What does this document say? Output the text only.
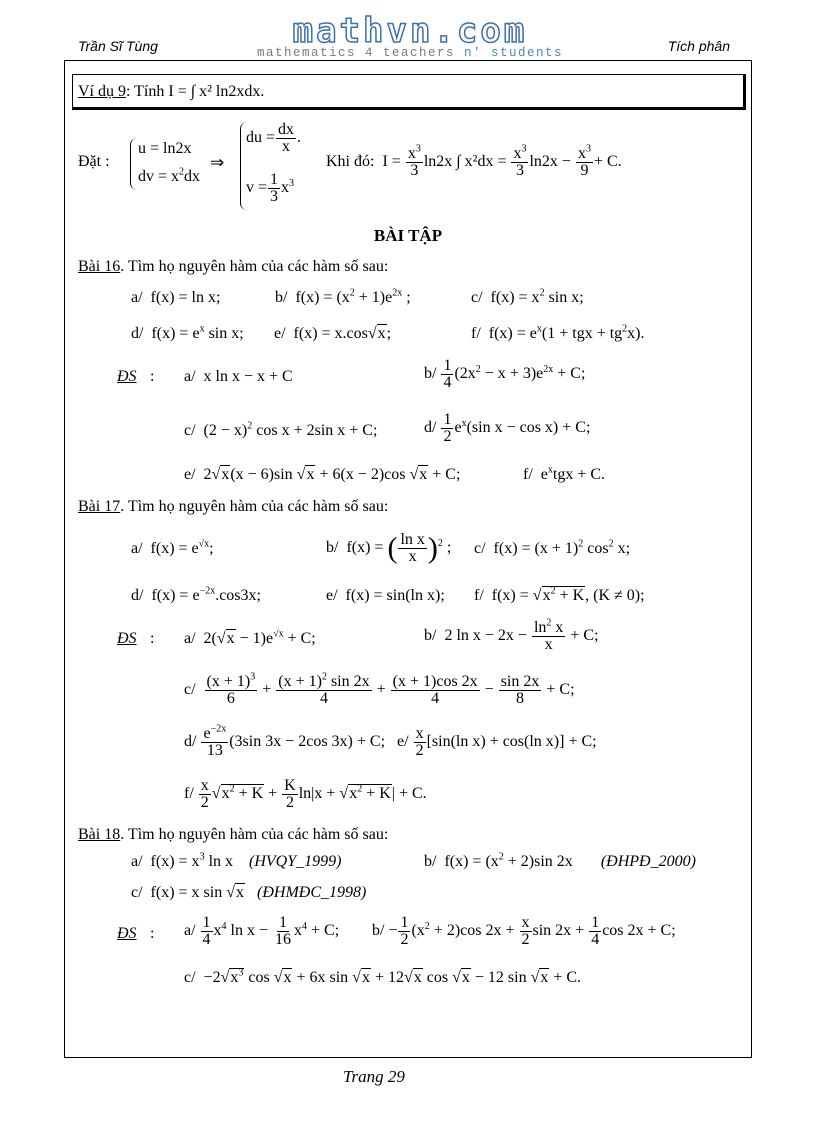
Trần Sĩ Tùng	mathvn.com
mathematics 4 teachers n' students	Tích phân
Ví dụ 9: Tính I = ∫ x² ln2xdx.
Đặt :
u = ln2x
dv = $x^2dx$
⇒
du = $\frac{dx}{x}$ .
$v = \frac{1}{3} x^3$
Khi đó: $I = \frac{x^3}{3} \ln 2x$ ∫ $x^2dx = \frac{x^3}{3} \ln 2x - \frac{x^3}{9} + C$.
BÀI TẬP
Bài 16. Tìm họ nguyên hàm của các hàm số sau:
a/  f(x) = ln x;	b/  $f(x) = (x^2 + 1)e^{2x}$ ;	c/  $f(x) = x^2$ sin x;
d/  $f(x) = e^x$ sin x; e/  f(x) = x.cos√x;	f/  $f(x) = e^x(1$ + tgx + $tg^2x$).
ĐS : a/  x ln x − x + C	$b/ \frac{1}{4} (2x^2 - x + 3)e^{2x} + C$;
c/  $(2 - x)^2$ cos x + 2sin x + C;	$d/ \frac{1}{2} e^x(\sin$ x − cos x) + C;
e/  2√x(x − 6)sin √x + 6(x − 2)cos √x + C;	f/  $e^xtgx + C$.
Bài 17. Tìm họ nguyên hàm của các hàm số sau:
a/  $f(x) = e^{√x}$;	b/  f(x) = ( $\frac{\text{ln x}}{x} )^2$ ; c/  $f(x) = (x + 1)^2$ $\cos^2 x$;
d/  $f(x) = e^{-2x}.\cos 3x$;	e/  f(x) = sin(ln x); f/  $f(x) = √x^2 + K$, (K ≠ 0);
ĐS : a/  $2(√x - 1)e^{√x} + C$;	b/  2 $\ln x - 2x - \frac{\ln^2 x}{x} + C$;
$c/ \frac{(x + 1)^3}{6} + \frac{(x + 1)^2 \sin 2x}{4} + \frac{(x + 1)\cos 2x}{4} - \frac{\sin 2x}{8} + C$;
$d/ \frac{e^{-2x}}{13} (3\sin$ 3x − 2cos 3x) + C;   $e/ \frac{x}{2} [\sin(\ln$ x) + cos(ln x)] + C;
$f/ \frac{x}{2} √x^2 + K + \frac{K}{2} \ln|x + √x^2 + K| + C$.
Bài 18. Tìm họ nguyên hàm của các hàm số sau:
a/  $f(x) = x^3$ ln x    (HVQY_1999)	b/  $f(x) = (x^2 + 2)\sin$ 2x       (ĐHPĐ_2000)
c/  f(x) = x sin √x (ĐHMĐC_1998)
ĐS : $a/ \frac{1}{4} x^4$ $\ln x - \frac{1}{16} x^4 + C$; $b/ - \frac{1}{2} (x^2 + 2)\cos$ $2x + \frac{x}{2}$ $\sin 2x + \frac{1}{4}$ cos 2x + C;
$c/ -2√x^3$ cos √x + 6x sin √x + 12√x cos √x − 12 sin √x + C.
Trang 29
